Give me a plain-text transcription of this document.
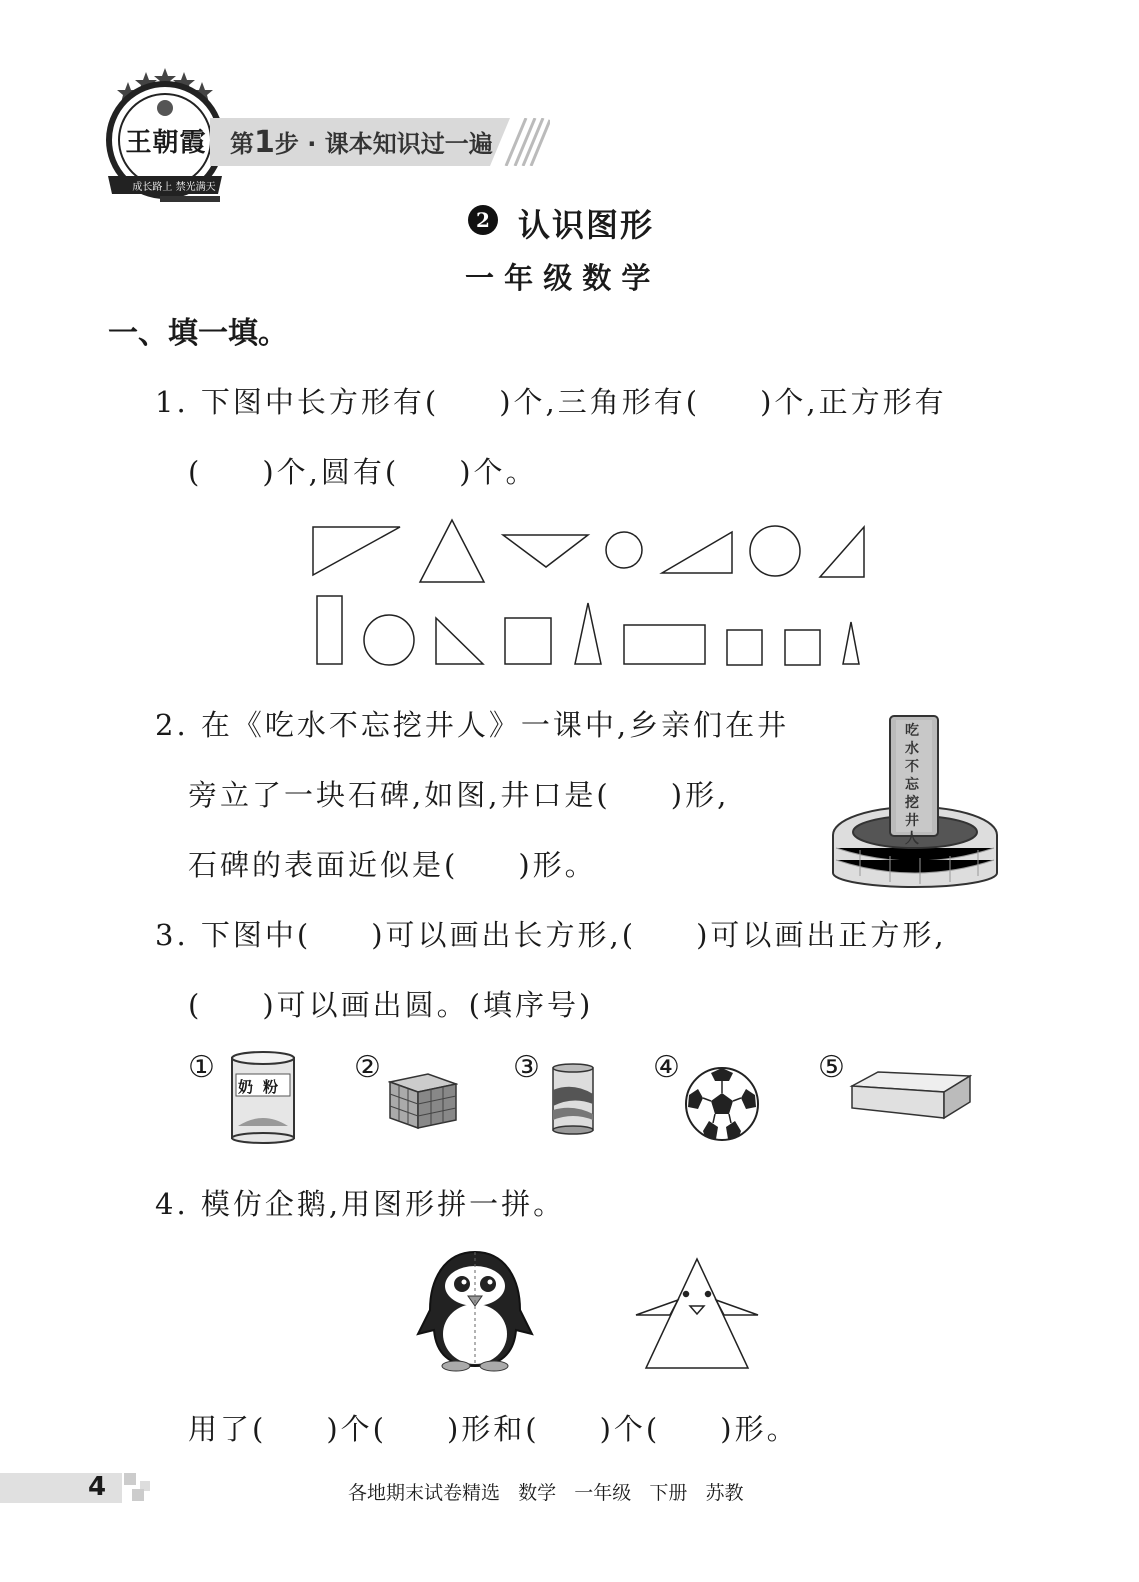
王朝霞
成长路上 禁光满天
第1步 · 课本知识过一遍
2 认识图形
一 年 级 数 学
一、填一填。
1. 下图中长方形有( )个,三角形有( )个,正方形有
( )个,圆有( )个。
2. 在《吃水不忘挖井人》一课中,乡亲们在井
旁立了一块石碑,如图,井口是( )形,
石碑的表面近似是( )形。
吃水不忘挖井人
3. 下图中( )可以画出长方形,( )可以画出正方形,
( )可以画出圆。(填序号)
①
奶粉
②	③	④	⑤
4. 模仿企鹅,用图形拼一拼。
用了( )个( )形和( )个( )形。
4	各地期末试卷精选   数学   一年级   下册   苏教
